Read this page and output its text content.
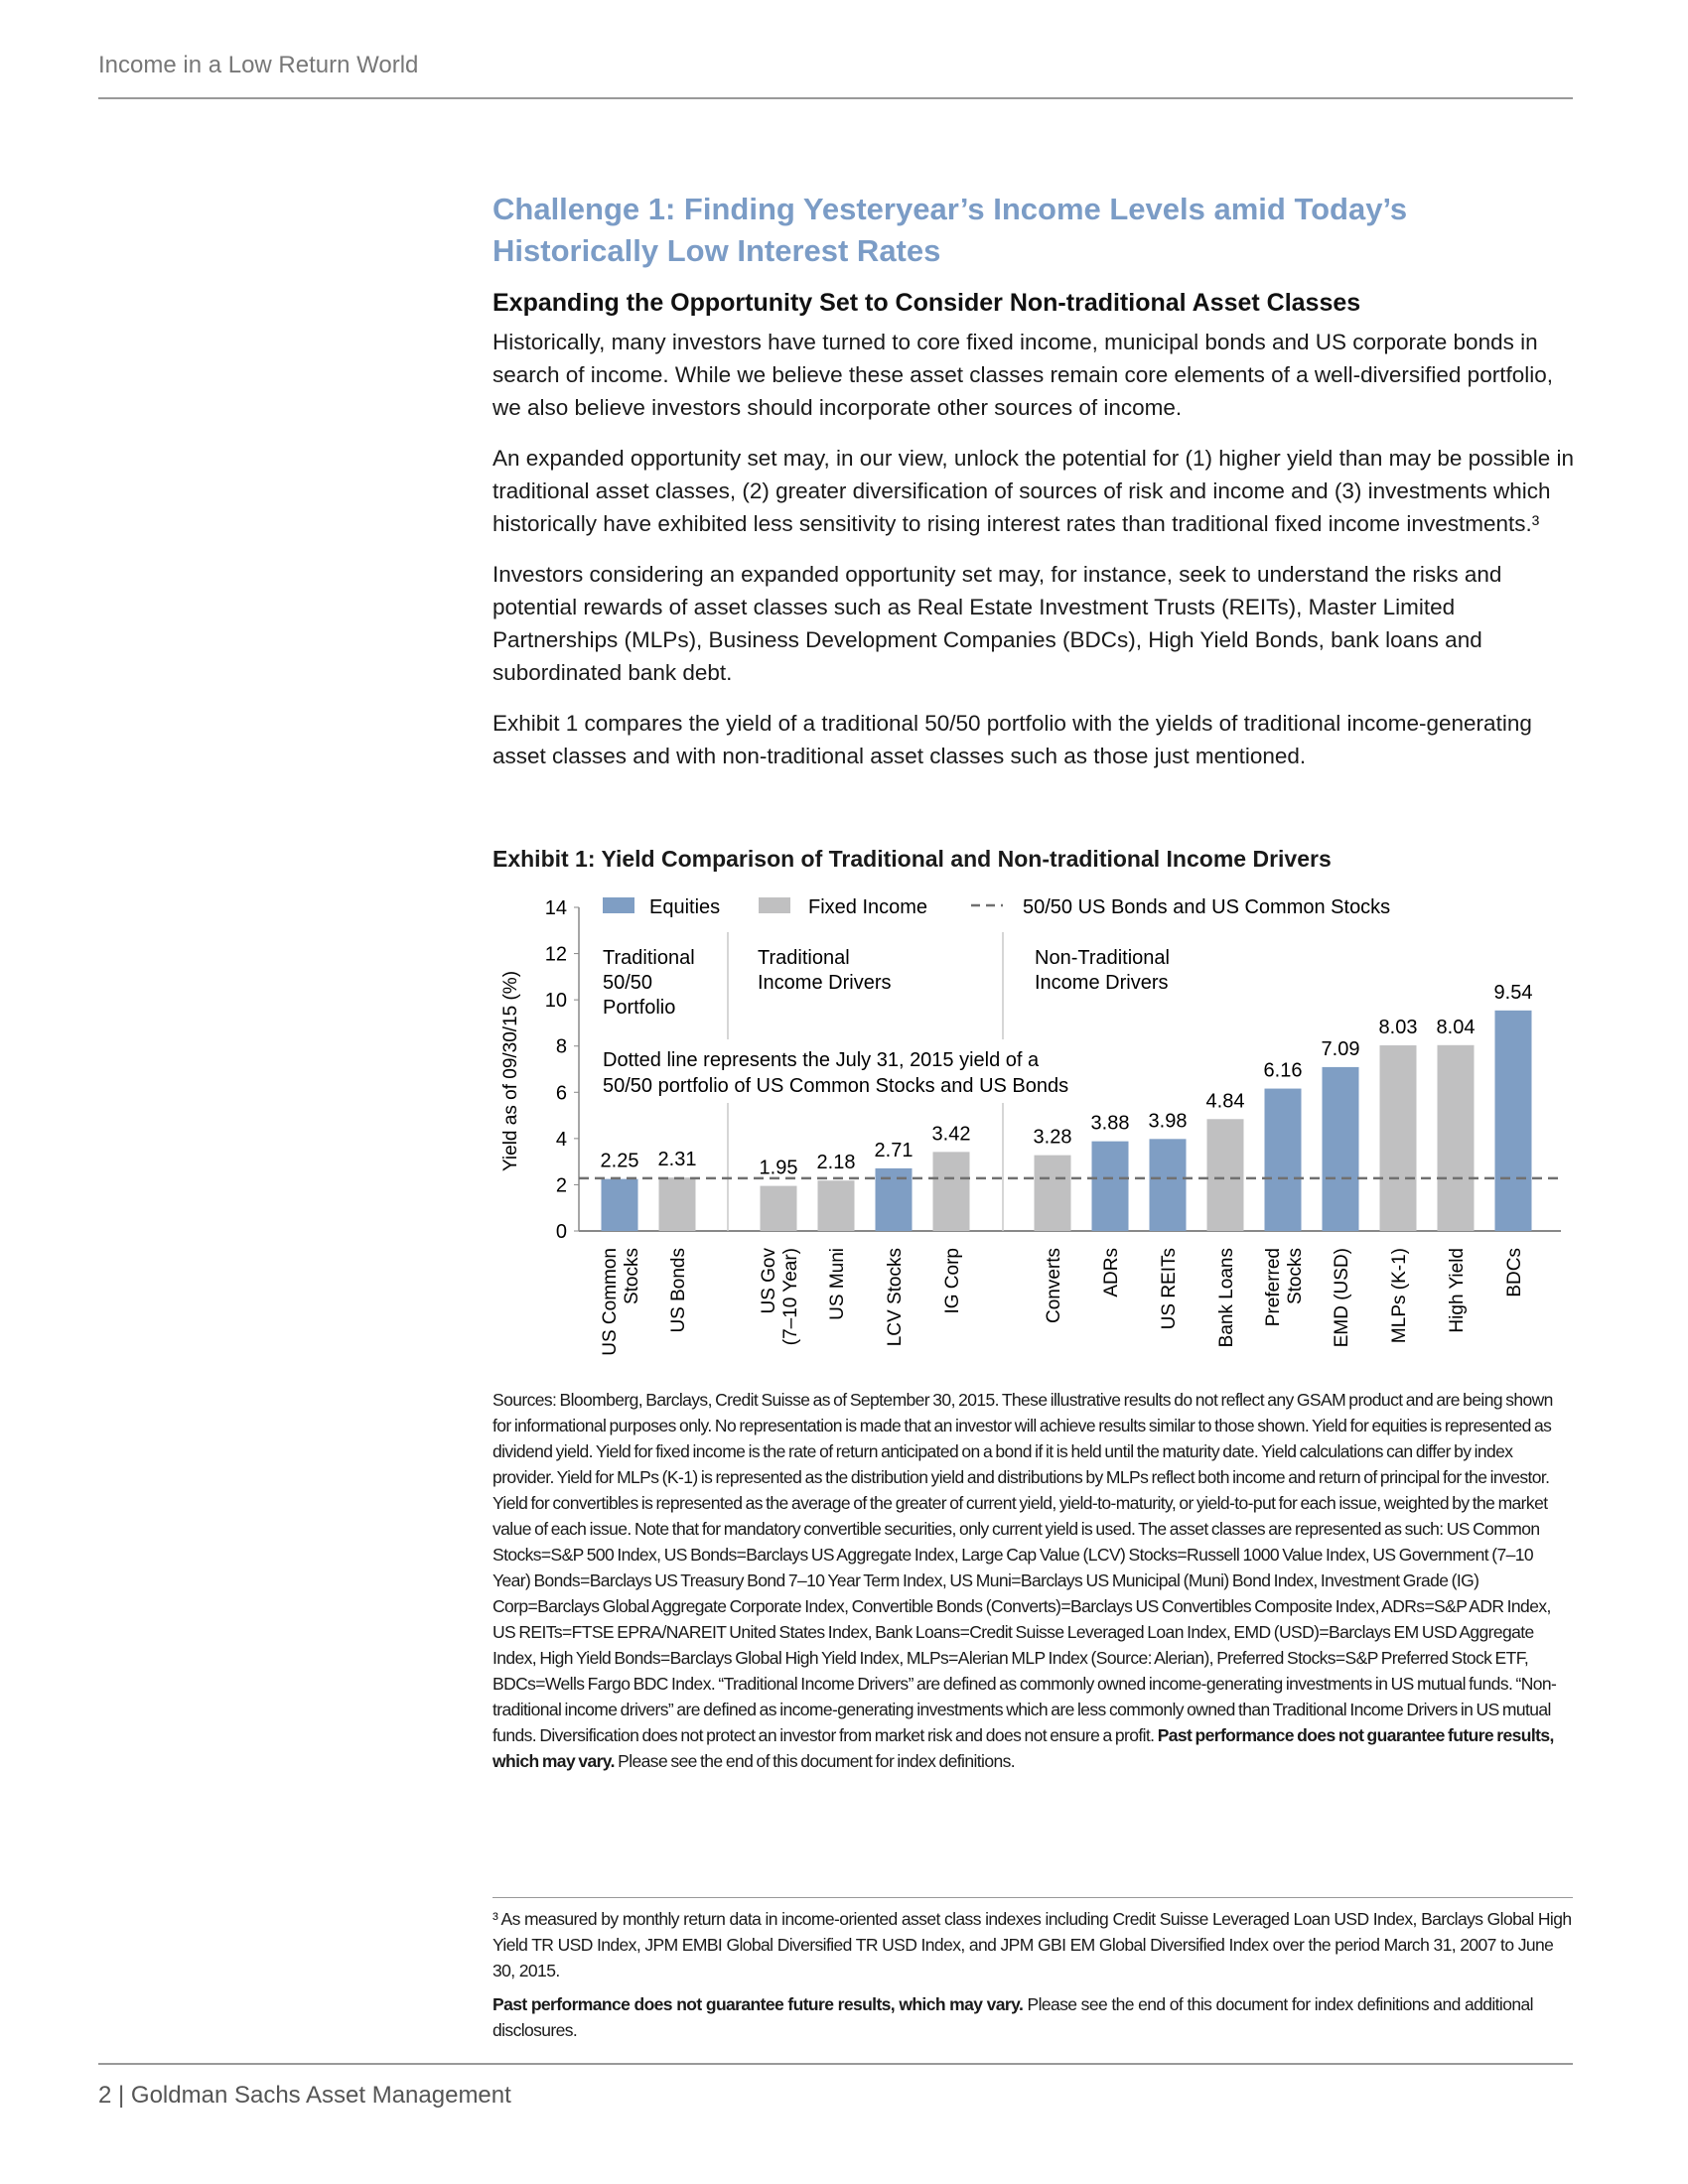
Income in a Low Return World
Challenge 1: Finding Yesteryear’s Income Levels amid Today’s
Historically Low Interest Rates
Expanding the Opportunity Set to Consider Non-traditional Asset Classes

Historically, many investors have turned to core fixed income, municipal bonds and US corporate bonds in search of income. While we believe these asset classes remain core elements of a well-diversified portfolio, we also believe investors should incorporate other sources of income.

An expanded opportunity set may, in our view, unlock the potential for (1) higher yield than may be possible in traditional asset classes, (2) greater diversification of sources of risk and income and (3) investments which historically have exhibited less sensitivity to rising interest rates than traditional fixed income investments.³

Investors considering an expanded opportunity set may, for instance, seek to understand the risks and potential rewards of asset classes such as Real Estate Investment Trusts (REITs), Master Limited Partnerships (MLPs), Business Development Companies (BDCs), High Yield Bonds, bank loans and subordinated bank debt.

Exhibit 1 compares the yield of a traditional 50/50 portfolio with the yields of traditional income-generating asset classes and with non-traditional asset classes such as those just mentioned.

Exhibit 1: Yield Comparison of Traditional and Non-traditional Income Drivers
0
2
4
6
8
10
12
14
Yield as of 09/30/15 (%)
Traditional
50/50
Portfolio
Traditional
Income Drivers
Non-Traditional
Income Drivers
Dotted line represents the July 31, 2015 yield of a
50/50 portfolio of US Common Stocks and US Bonds
2.25
US Common Stocks
2.31
US Bonds
1.95
US Gov (7–10 Year)
2.18
US Muni
2.71
LCV Stocks
3.42
IG Corp
3.28
Converts
3.88
ADRs
3.98
US REITs
4.84
Bank Loans
6.16
Preferred Stocks
7.09
EMD (USD)
8.03
MLPs (K-1)
8.04
High Yield
9.54
BDCs
Equities	Fixed Income	50/50 US Bonds and US Common Stocks
Sources: Bloomberg, Barclays, Credit Suisse as of September 30, 2015. These illustrative results do not reflect any GSAM product and are being shown for informational purposes only. No representation is made that an investor will achieve results similar to those shown. Yield for equities is represented as dividend yield. Yield for fixed income is the rate of return anticipated on a bond if it is held until the maturity date. Yield calculations can differ by index provider. Yield for MLPs (K-1) is represented as the distribution yield and distributions by MLPs reflect both income and return of principal for the investor. Yield for convertibles is represented as the average of the greater of current yield, yield-to-maturity, or yield-to-put for each issue, weighted by the market value of each issue. Note that for mandatory convertible securities, only current yield is used. The asset classes are represented as such: US Common Stocks=S&P 500 Index, US Bonds=Barclays US Aggregate Index, Large Cap Value (LCV) Stocks=Russell 1000 Value Index, US Government (7–10 Year) Bonds=Barclays US Treasury Bond 7–10 Year Term Index, US Muni=Barclays US Municipal (Muni) Bond Index, Investment Grade (IG) Corp=Barclays Global Aggregate Corporate Index, Convertible Bonds (Converts)=Barclays US Convertibles Composite Index, ADRs=S&P ADR Index, US REITs=FTSE EPRA/NAREIT United States Index, Bank Loans=Credit Suisse Leveraged Loan Index, EMD (USD)=Barclays EM USD Aggregate Index, High Yield Bonds=Barclays Global High Yield Index, MLPs=Alerian MLP Index (Source: Alerian), Preferred Stocks=S&P Preferred Stock ETF, BDCs=Wells Fargo BDC Index. “Traditional Income Drivers” are defined as commonly owned income-generating investments in US mutual funds. “Non-traditional income drivers” are defined as income-generating investments which are less commonly owned than Traditional Income Drivers in US mutual funds. Diversification does not protect an investor from market risk and does not ensure a profit. Past performance does not guarantee future results, which may vary. Please see the end of this document for index definitions.
³ As measured by monthly return data in income-oriented asset class indexes including Credit Suisse Leveraged Loan USD Index, Barclays Global High Yield TR USD Index, JPM EMBI Global Diversified TR USD Index, and JPM GBI EM Global Diversified Index over the period March 31, 2007 to June 30, 2015.
Past performance does not guarantee future results, which may vary. Please see the end of this document for index definitions and additional disclosures.
2 | Goldman Sachs Asset Management
